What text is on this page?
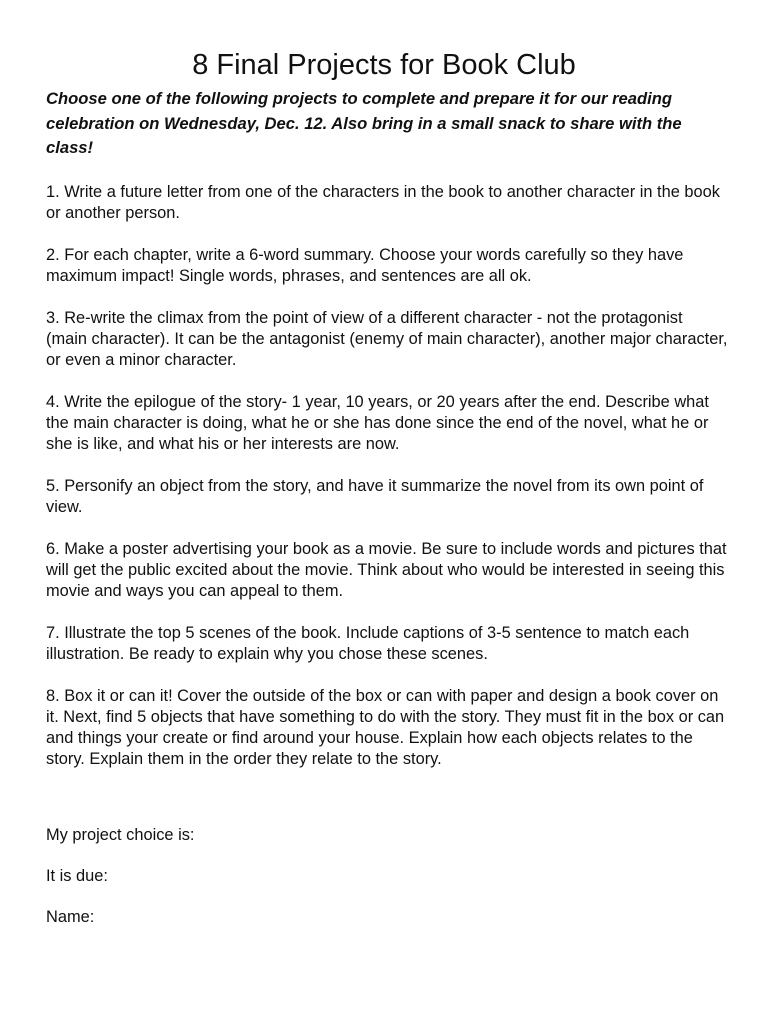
8 Final Projects for Book Club

Choose one of the following projects to complete and prepare it for our reading celebration on Wednesday, Dec. 12. Also bring in a small snack to share with the class!

1. Write a future letter from one of the characters in the book to another character in the book or another person.
2. For each chapter, write a 6-word summary. Choose your words carefully so they have maximum impact! Single words, phrases, and sentences are all ok.
3. Re-write the climax from the point of view of a different character - not the protagonist (main character). It can be the antagonist (enemy of main character), another major character, or even a minor character.
4. Write the epilogue of the story- 1 year, 10 years, or 20 years after the end. Describe what the main character is doing, what he or she has done since the end of the novel, what he or she is like, and what his or her interests are now.
5. Personify an object from the story, and have it summarize the novel from its own point of view.
6. Make a poster advertising your book as a movie. Be sure to include words and pictures that will get the public excited about the movie. Think about who would be interested in seeing this movie and ways you can appeal to them.
7. Illustrate the top 5 scenes of the book. Include captions of 3-5 sentence to match each illustration. Be ready to explain why you chose these scenes.
8. Box it or can it! Cover the outside of the box or can with paper and design a book cover on it. Next, find 5 objects that have something to do with the story. They must fit in the box or can and things your create or find around your house. Explain how each objects relates to the story. Explain them in the order they relate to the story.

My project choice is:

It is due:

Name:
